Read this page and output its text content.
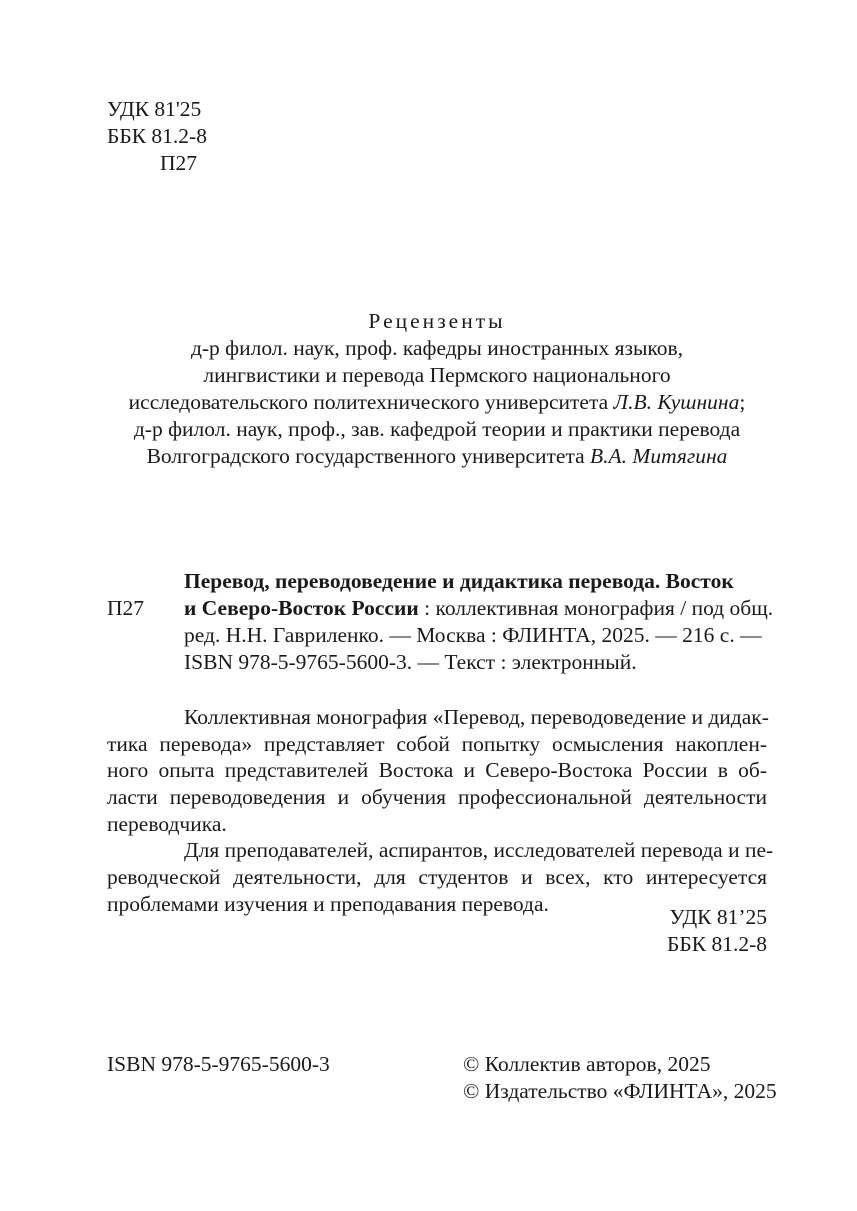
УДК 81'25
ББК 81.2-8
П27
Рецензенты
д-р филол. наук, проф. кафедры иностранных языков,
лингвистики и перевода Пермского национального
исследовательского политехнического университета Л.В. Кушнина;
д-р филол. наук, проф., зав. кафедрой теории и практики перевода
Волгоградского государственного университета В.А. Митягина
П27
Перевод, переводоведение и дидактика перевода. Восток
и Северо-Восток России : коллективная монография / под общ.
ред. Н.Н. Гавриленко. — Москва : ФЛИНТА, 2025. — 216 с. —
ISBN 978-5-9765-5600-3. — Текст : электронный.
Коллективная монография «Перевод, переводоведение и дидак-
тика перевода» представляет собой попытку осмысления накоплен-
ного опыта представителей Востока и Северо-Востока России в об-
ласти переводоведения и обучения профессиональной деятельности
переводчика.
Для преподавателей, аспирантов, исследователей перевода и пе-
реводческой деятельности, для студентов и всех, кто интересуется
проблемами изучения и преподавания перевода.
УДК 81’25
ББК 81.2-8
ISBN 978-5-9765-5600-3	© Коллектив авторов, 2025
© Издательство «ФЛИНТА», 2025
